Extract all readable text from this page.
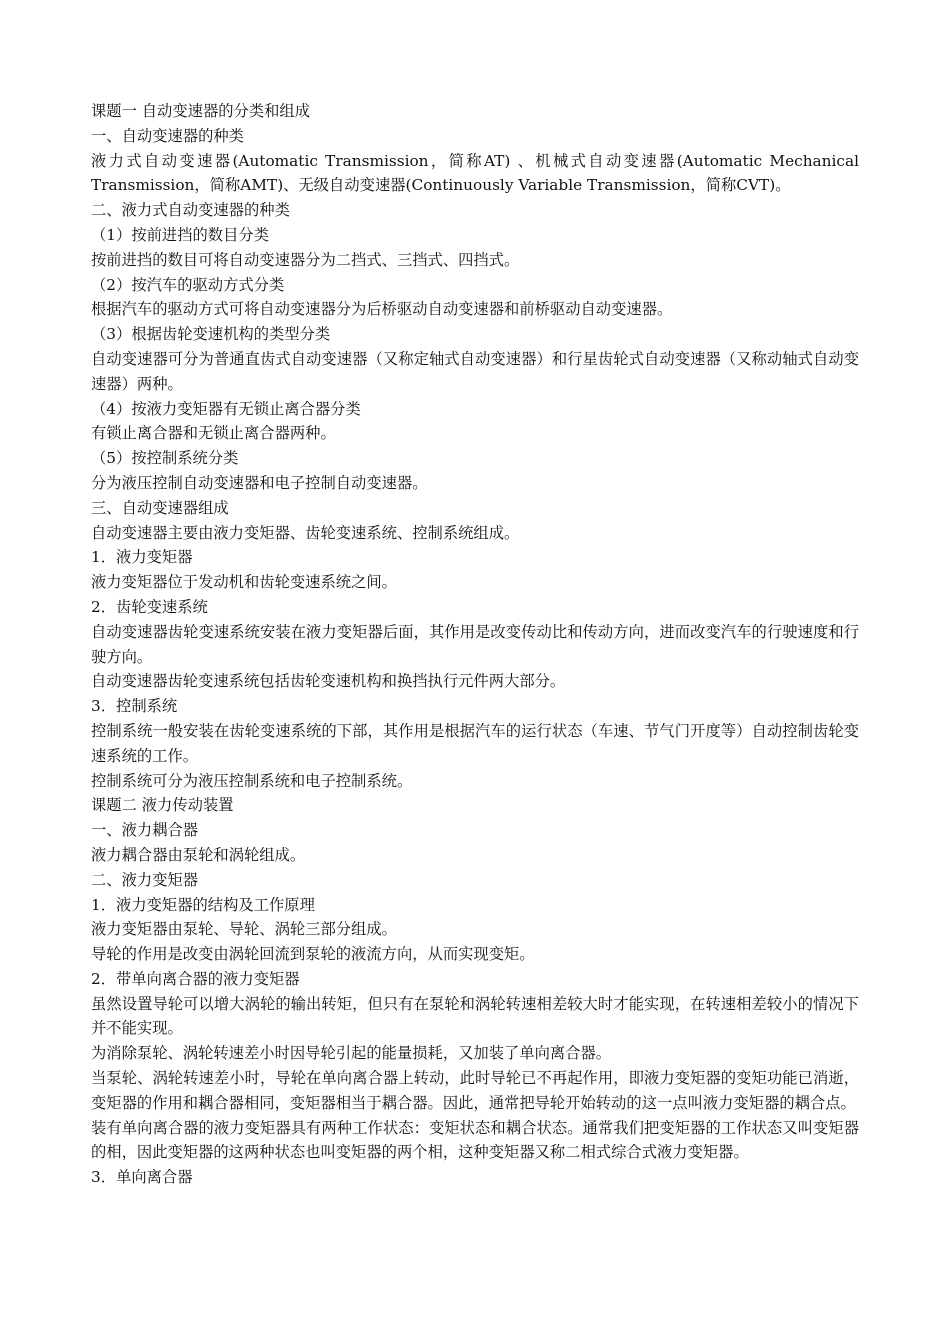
课题一 自动变速器的分类和组成
一、自动变速器的种类
液力式自动变速器(Automatic Transmission，简称AT) 、机械式自动变速器(Automatic Mechanical Transmission，简称AMT)、无级自动变速器(Continuously Variable Transmission，简称CVT)。
二、液力式自动变速器的种类
（1）按前进挡的数目分类
按前进挡的数目可将自动变速器分为二挡式、三挡式、四挡式。
（2）按汽车的驱动方式分类
根据汽车的驱动方式可将自动变速器分为后桥驱动自动变速器和前桥驱动自动变速器。
（3）根据齿轮变速机构的类型分类
自动变速器可分为普通直齿式自动变速器（又称定轴式自动变速器）和行星齿轮式自动变速器（又称动轴式自动变速器）两种。
（4）按液力变矩器有无锁止离合器分类
有锁止离合器和无锁止离合器两种。
（5）按控制系统分类
分为液压控制自动变速器和电子控制自动变速器。
三、自动变速器组成
自动变速器主要由液力变矩器、齿轮变速系统、控制系统组成。
1．液力变矩器
液力变矩器位于发动机和齿轮变速系统之间。
2．齿轮变速系统
自动变速器齿轮变速系统安装在液力变矩器后面，其作用是改变传动比和传动方向，进而改变汽车的行驶速度和行驶方向。
自动变速器齿轮变速系统包括齿轮变速机构和换挡执行元件两大部分。
3．控制系统
控制系统一般安装在齿轮变速系统的下部，其作用是根据汽车的运行状态（车速、节气门开度等）自动控制齿轮变速系统的工作。
控制系统可分为液压控制系统和电子控制系统。
课题二 液力传动装置
一、液力耦合器
液力耦合器由泵轮和涡轮组成。
二、液力变矩器
1．液力变矩器的结构及工作原理
液力变矩器由泵轮、导轮、涡轮三部分组成。
导轮的作用是改变由涡轮回流到泵轮的液流方向，从而实现变矩。
2．带单向离合器的液力变矩器
虽然设置导轮可以增大涡轮的输出转矩，但只有在泵轮和涡轮转速相差较大时才能实现，在转速相差较小的情况下并不能实现。
为消除泵轮、涡轮转速差小时因导轮引起的能量损耗，又加装了单向离合器。
当泵轮、涡轮转速差小时，导轮在单向离合器上转动，此时导轮已不再起作用，即液力变矩器的变矩功能已消逝，变矩器的作用和耦合器相同，变矩器相当于耦合器。因此，通常把导轮开始转动的这一点叫液力变矩器的耦合点。
装有单向离合器的液力变矩器具有两种工作状态：变矩状态和耦合状态。通常我们把变矩器的工作状态又叫变矩器的相，因此变矩器的这两种状态也叫变矩器的两个相，这种变矩器又称二相式综合式液力变矩器。
3．单向离合器
